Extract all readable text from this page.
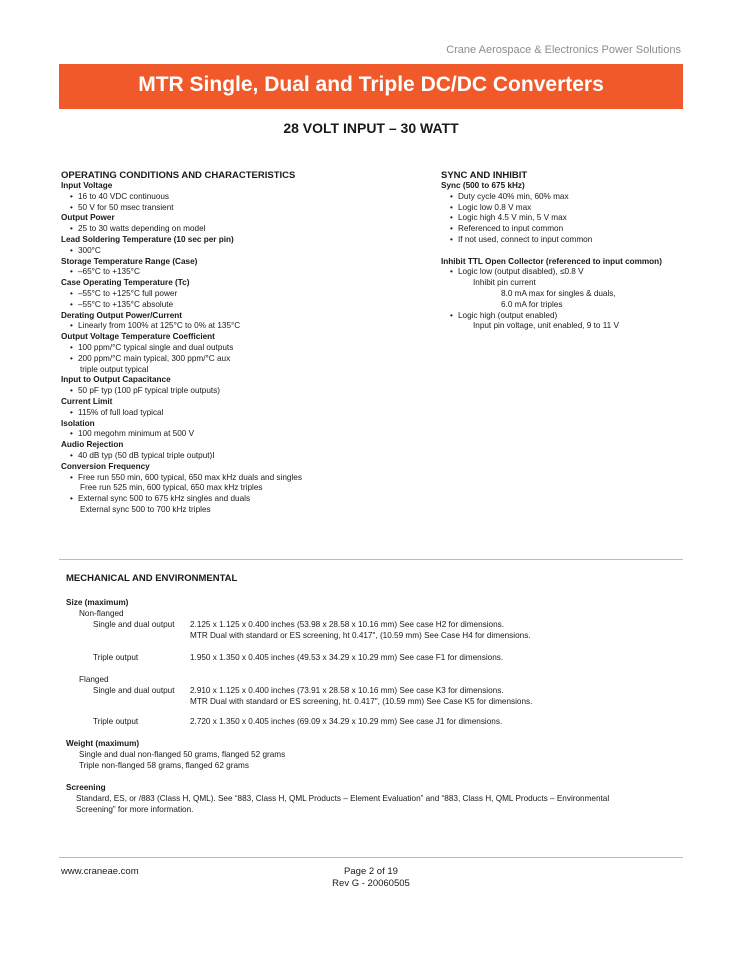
Crane Aerospace & Electronics Power Solutions
MTR Single, Dual and Triple DC/DC Converters
28 VOLT INPUT – 30 WATT
OPERATING CONDITIONS AND CHARACTERISTICS
Input Voltage
• 16 to 40 VDC continuous
• 50 V for 50 msec transient
Output Power
• 25 to 30 watts depending on model
Lead Soldering Temperature (10 sec per pin)
• 300°C
Storage Temperature Range (Case)
• –65°C to +135°C
Case Operating Temperature (Tc)
• –55°C to +125°C full power
• –55°C to +135°C absolute
Derating Output Power/Current
• Linearly from 100% at 125°C to 0% at 135°C
Output Voltage Temperature Coefficient
• 100 ppm/°C typical single and dual outputs
• 200 ppm/°C main typical, 300 ppm/°C aux
triple output typical
Input to Output Capacitance
• 50 pF typ (100 pF typical triple outputs)
Current Limit
• 115% of full load typical
Isolation
• 100 megohm minimum at 500 V
Audio Rejection
• 40 dB typ (50 dB typical triple output)I
Conversion Frequency
• Free run 550 min, 600 typical, 650 max kHz duals and singles
Free run 525 min, 600 typical, 650 max kHz triples
• External sync 500 to 675 kHz singles and duals
External sync 500 to 700 kHz triples
SYNC AND INHIBIT
Sync (500 to 675 kHz)
• Duty cycle 40% min, 60% max
• Logic low 0.8 V max
• Logic high 4.5 V min, 5 V max
• Referenced to input common
• If not used, connect to input common

Inhibit TTL Open Collector (referenced to input common)
• Logic low (output disabled), ≤0.8 V
Inhibit pin current
8.0 mA max for singles & duals,
6.0 mA for triples
• Logic high (output enabled)
Input pin voltage, unit enabled, 9 to 11 V
MECHANICAL AND ENVIRONMENTAL
Size (maximum)
Non-flanged
Single and dual output 2.125 x 1.125 x 0.400 inches (53.98 x 28.58 x 10.16 mm) See case H2 for dimensions.
MTR Dual with standard or ES screening, ht 0.417", (10.59 mm) See Case H4 for dimensions.
Triple output	1.950 x 1.350 x 0.405 inches (49.53 x 34.29 x 10.29 mm) See case F1 for dimensions.
Flanged
Single and dual output 2.910 x 1.125 x 0.400 inches (73.91 x 28.58 x 10.16 mm) See case K3 for dimensions.
MTR Dual with standard or ES screening, ht. 0.417", (10.59 mm) See Case K5 for dimensions.
Triple output	2.720 x 1.350 x 0.405 inches (69.09 x 34.29 x 10.29 mm) See case J1 for dimensions.
Weight (maximum)
Single and dual non-flanged 50 grams, flanged 52 grams
Triple non-flanged 58 grams, flanged 62 grams
Screening
Standard, ES, or /883 (Class H, QML). See “883, Class H, QML Products – Element Evaluation” and “883, Class H, QML Products – Environmental
Screening” for more information.
www.craneae.com	Page 2 of 19
Rev G - 20060505
